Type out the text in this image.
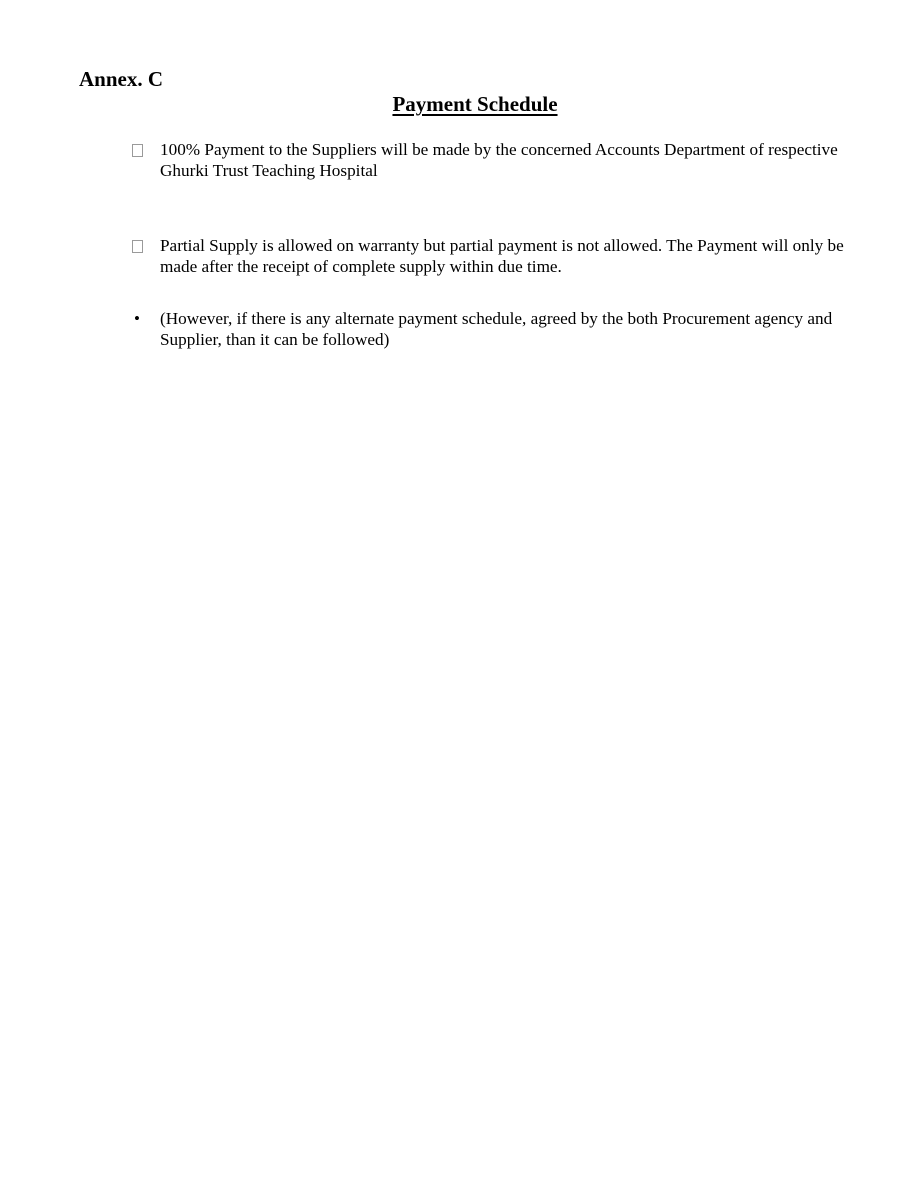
Annex. C
Payment Schedule

100% Payment to the Suppliers will be made by the concerned Accounts Department of respective Ghurki Trust Teaching Hospital

Partial Supply is allowed on warranty but partial payment is not allowed. The Payment will only be made after the receipt of complete supply within due time.

• (However, if there is any alternate payment schedule, agreed by the both Procurement agency and Supplier, than it can be followed)
